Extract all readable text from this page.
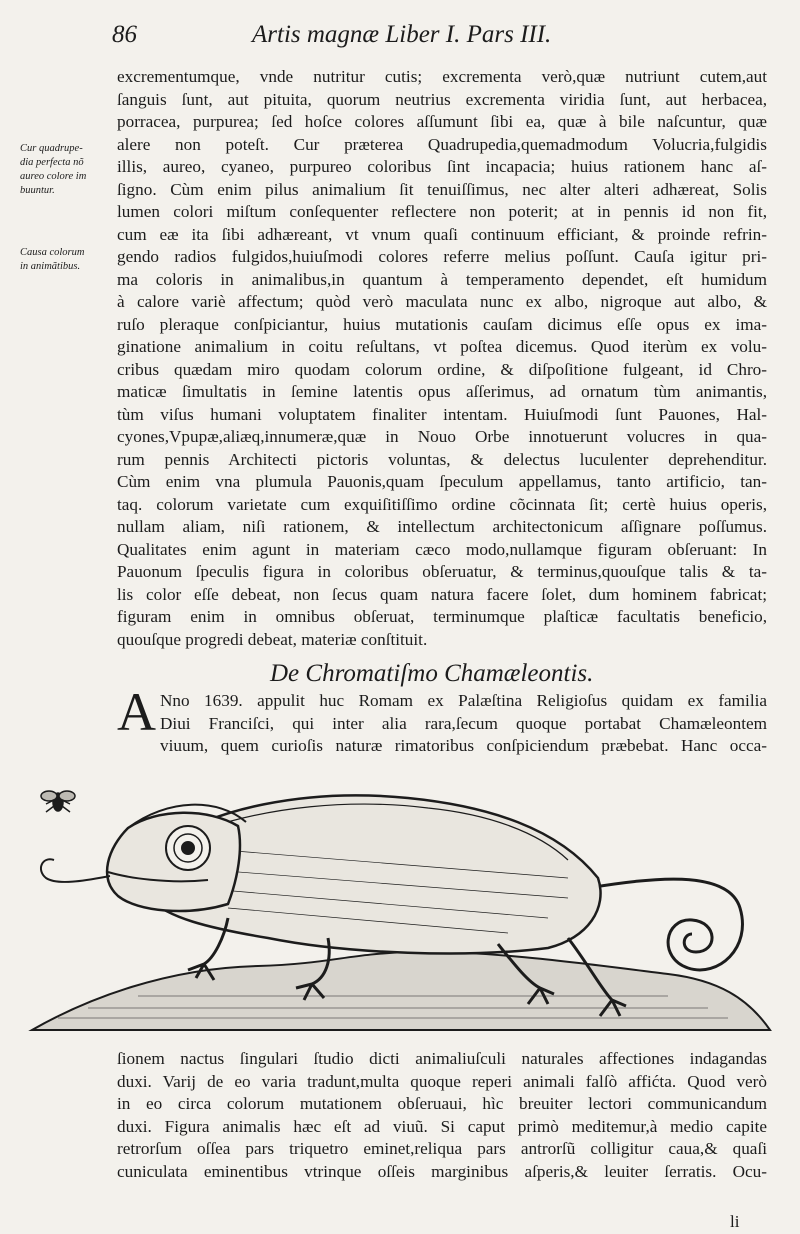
86	Artis magnæ Liber I. Pars III.
Cur quadrupe-
dia perfecta nõ
aureo colore im
buuntur.
Causa colorum
in animãtibus.
excrementumque, vnde nutritur cutis; excrementa verò,quæ nutriunt cutem,aut
ſanguis ſunt, aut pituita, quorum neutrius excrementa viridia ſunt, aut herbacea,
porracea, purpurea; ſed hoſce colores aſſumunt ſibi ea, quæ à bile naſcuntur, quæ
alere non poteſt. Cur præterea Quadrupedia,quemadmodum Volucria,fulgidis
illis, aureo, cyaneo, purpureo coloribus ſint incapacia; huius rationem hanc aſ-
ſigno. Cùm enim pilus animalium ſit tenuiſſimus, nec alter alteri adhæreat, Solis
lumen colori miſtum conſequenter reflectere non poterit; at in pennis id non fit,
cum eæ ita ſibi adhæreant, vt vnum quaſi continuum efficiant, & proinde refrin-
gendo radios fulgidos,huiuſmodi colores referre melius poſſunt. Cauſa igitur pri-
ma coloris in animalibus,in quantum à temperamento dependet, eſt humidum
à calore variè affectum; quòd verò maculata nunc ex albo, nigroque aut albo, &
ruſo pleraque conſpiciantur, huius mutationis cauſam dicimus eſſe opus ex ima-
ginatione animalium in coitu reſultans, vt poſtea dicemus. Quod iterùm ex volu-
cribus quædam miro quodam colorum ordine, & diſpoſitione fulgeant, id Chro-
maticæ ſimultatis in ſemine latentis opus aſſerimus, ad ornatum tùm animantis,
tùm viſus humani voluptatem finaliter intentam. Huiuſmodi ſunt Pauones, Hal-
cyones,Vpupæ,aliæq,innumeræ,quæ in Nouo Orbe innotuerunt volucres in qua-
rum pennis Architecti pictoris voluntas, & delectus luculenter deprehenditur.
Cùm enim vna plumula Pauonis,quam ſpeculum appellamus, tanto artificio, tan-
taq. colorum varietate cum exquiſitiſſimo ordine cõcinnata ſit; certè huius operis,
nullam aliam, niſi rationem, & intellectum architectonicum aſſignare poſſumus.
Qualitates enim agunt in materiam cæco modo,nullamque figuram obſeruant: In
Pauonum ſpeculis figura in coloribus obſeruatur, & terminus,quouſque talis & ta-
lis color eſſe debeat, non ſecus quam natura facere ſolet, dum hominem fabricat;
figuram enim in omnibus obſeruat, terminumque plaſticæ facultatis beneficio,
quouſque progredi debeat, materiæ conſtituit.
De Chromatiſmo Chamæleontis.
A Nno 1639. appulit huc Romam ex Palæſtina Religioſus quidam ex familia
Diui Franciſci, qui inter alia rara,ſecum quoque portabat Chamæleontem
viuum, quem curioſis naturæ rimatoribus conſpiciendum præbebat. Hanc occa-
ſionem nactus ſingulari ſtudio dicti animaliuſculi naturales affectiones indagandas
duxi. Varij de eo varia tradunt,multa quoque reperi animali falſò affićta. Quod verò
in eo circa colorum mutationem obſeruaui, hìc breuiter lectori communicandum
duxi. Figura animalis hæc eſt ad viuũ. Si caput primò meditemur,à medio capite
retrorſum oſſea pars triquetro eminet,reliqua pars antrorſũ colligitur caua,& quaſi
cuniculata eminentibus vtrinque oſſeis marginibus aſperis,& leuiter ſerratis. Ocu-
li
